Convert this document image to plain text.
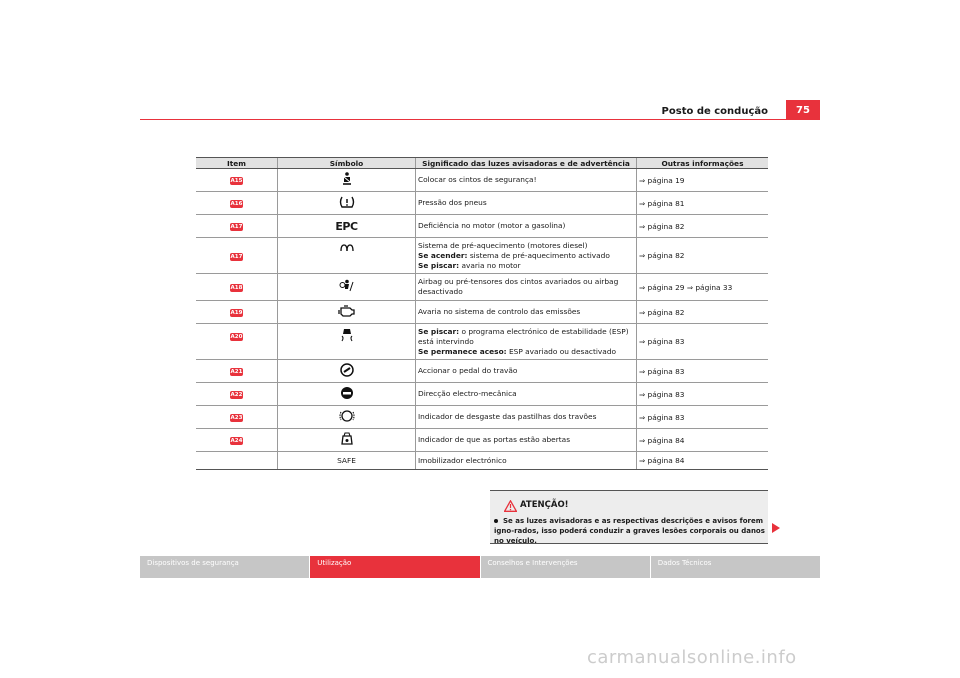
Posto de condução	75
Item	Símbolo	Significado das luzes avisadoras e de advertência	Outras informações
A15		Colocar os cintos de segurança!	⇒ página 19
A16		Pressão dos pneus	⇒ página 81
A17	EPC	Deficiência no motor (motor a gasolina)	⇒ página 82
A17		Sistema de pré-aquecimento (motores diesel)
Se acender: sistema de pré-aquecimento activado
Se piscar: avaria no motor	⇒ página 82
A18		Airbag ou pré-tensores dos cintos avariados ou airbag desactivado	⇒ página 29 ⇒ página 33
A19		Avaria no sistema de controlo das emissões	⇒ página 82
A20		Se piscar: o programa electrónico de estabilidade (ESP) está intervindo
Se permanece aceso: ESP avariado ou desactivado	⇒ página 83
A21		Accionar o pedal do travão	⇒ página 83
A22		Direcção electro-mecânica	⇒ página 83
A23		Indicador de desgaste das pastilhas dos travões	⇒ página 83
A24		Indicador de que as portas estão abertas	⇒ página 84
	SAFE	Imobilizador electrónico	⇒ página 84
ATENÇÃO!
Se as luzes avisadoras e as respectivas descrições e avisos forem igno-rados, isso poderá conduzir a graves lesões corporais ou danos no veículo.
Dispositivos de segurança	Utilização	Conselhos e Intervenções	Dados Técnicos
carmanualsonline.info
